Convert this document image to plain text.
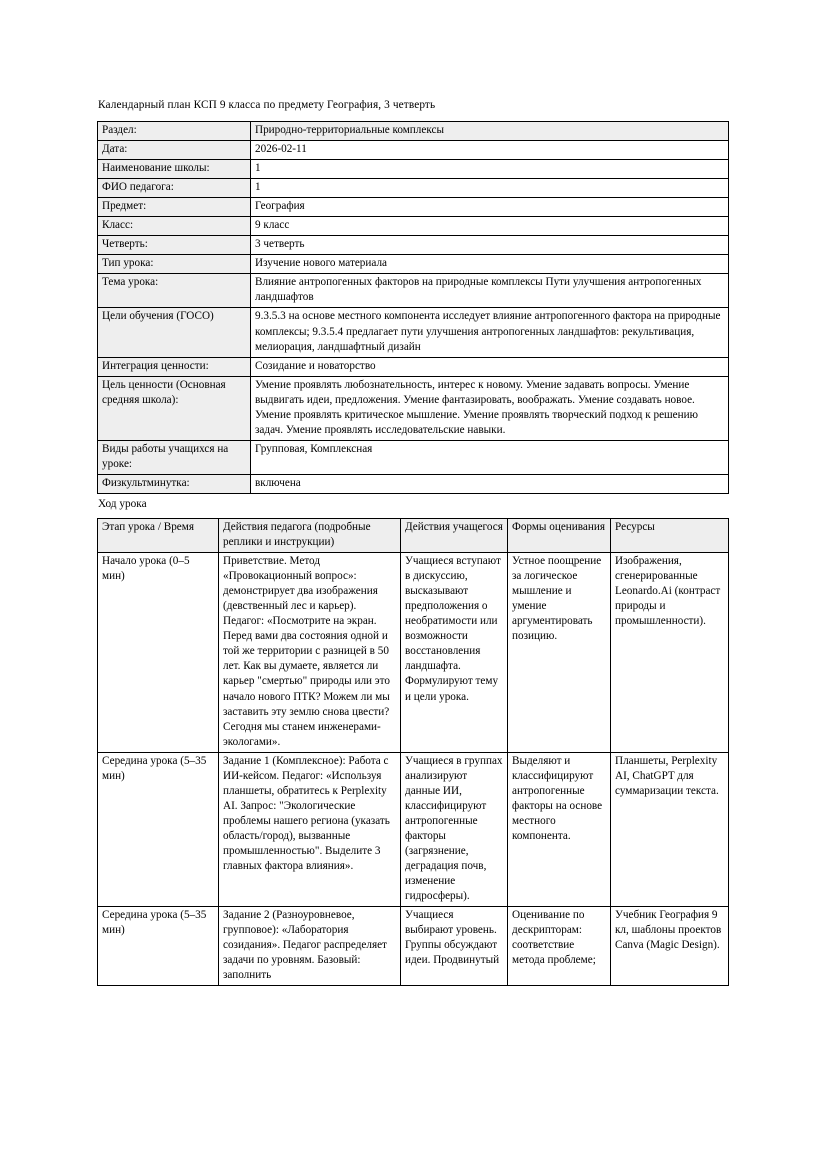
Календарный план КСП 9 класса по предмету География, 3 четверть
Раздел:	Природно-территориальные комплексы
Дата:	2026-02-11
Наименование школы:	1
ФИО педагога:	1
Предмет:	География
Класс:	9 класс
Четверть:	3 четверть
Тип урока:	Изучение нового материала
Тема урока:	Влияние антропогенных факторов на природные комплексы Пути улучшения антропогенных ландшафтов
Цели обучения (ГОСО)	9.3.5.3 на основе местного компонента исследует влияние антропогенного фактора на природные комплексы; 9.3.5.4 предлагает пути улучшения антропогенных ландшафтов: рекультивация, мелиорация, ландшафтный дизайн
Интеграция ценности:	Созидание и новаторство
Цель ценности (Основная средняя школа):	Умение проявлять любознательность, интерес к новому. Умение задавать вопросы. Умение выдвигать идеи, предложения. Умение фантазировать, воображать. Умение создавать новое. Умение проявлять критическое мышление. Умение проявлять творческий подход к решению задач. Умение проявлять исследовательские навыки.
Виды работы учащихся на уроке:	Групповая, Комплексная
Физкультминутка:	включена
Ход урока
Этап урока / Время	Действия педагога (подробные реплики и инструкции)	Действия учащегося	Формы оценивания	Ресурсы
Начало урока (0–5 мин)	Приветствие. Метод «Провокационный вопрос»: демонстрирует два изображения (девственный лес и карьер). Педагог: «Посмотрите на экран. Перед вами два состояния одной и той же территории с разницей в 50 лет. Как вы думаете, является ли карьер "смертью" природы или это начало нового ПТК? Можем ли мы заставить эту землю снова цвести? Сегодня мы станем инженерами-экологами».	Учащиеся вступают в дискуссию, высказывают предположения о необратимости или возможности восстановления ландшафта. Формулируют тему и цели урока.	Устное поощрение за логическое мышление и умение аргументировать позицию.	Изображения, сгенерированные Leonardo.Ai (контраст природы и промышленности).
Середина урока (5–35 мин)	Задание 1 (Комплексное): Работа с ИИ-кейсом. Педагог: «Используя планшеты, обратитесь к Perplexity AI. Запрос: "Экологические проблемы нашего региона (указать область/город), вызванные промышленностью". Выделите 3 главных фактора влияния».	Учащиеся в группах анализируют данные ИИ, классифицируют антропогенные факторы (загрязнение, деградация почв, изменение гидросферы).	Выделяют и классифицируют антропогенные факторы на основе местного компонента.	Планшеты, Perplexity AI, ChatGPT для суммаризации текста.
Середина урока (5–35 мин)	Задание 2 (Разноуровневое, групповое): «Лаборатория созидания». Педагог распределяет задачи по уровням. Базовый: заполнить	Учащиеся выбирают уровень. Группы обсуждают идеи. Продвинутый	Оценивание по дескрипторам: соответствие метода проблеме;	Учебник География 9 кл, шаблоны проектов Canva (Magic Design).
